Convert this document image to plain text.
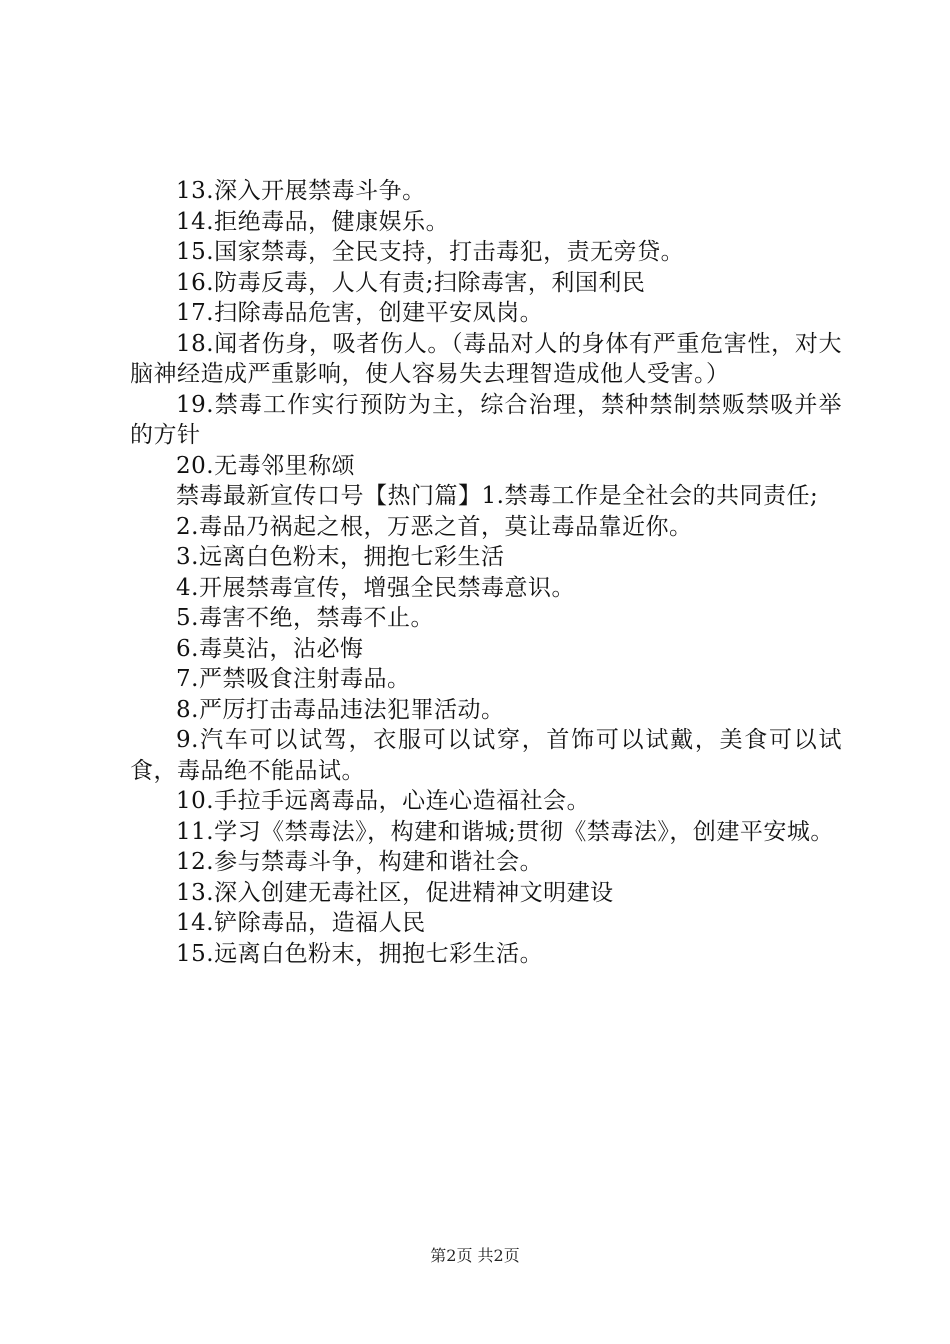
13.深入开展禁毒斗争。

14.拒绝毒品，健康娱乐。

15.国家禁毒，全民支持，打击毒犯，责无旁贷。

16.防毒反毒，人人有责;扫除毒害，利国利民

17.扫除毒品危害，创建平安凤岗。

18.闻者伤身，吸者伤人。（毒品对人的身体有严重危害性，对大脑神经造成严重影响，使人容易失去理智造成他人受害。）

19.禁毒工作实行预防为主，综合治理，禁种禁制禁贩禁吸并举的方针

20.无毒邻里称颂

禁毒最新宣传口号【热门篇】1.禁毒工作是全社会的共同责任;

2.毒品乃祸起之根，万恶之首，莫让毒品靠近你。

3.远离白色粉末，拥抱七彩生活

4.开展禁毒宣传，增强全民禁毒意识。

5.毒害不绝，禁毒不止。

6.毒莫沾，沾必悔

7.严禁吸食注射毒品。

8.严厉打击毒品违法犯罪活动。

9.汽车可以试驾，衣服可以试穿，首饰可以试戴，美食可以试食，毒品绝不能品试。

10.手拉手远离毒品，心连心造福社会。

11.学习《禁毒法》，构建和谐城;贯彻《禁毒法》，创建平安城。

12.参与禁毒斗争，构建和谐社会。

13.深入创建无毒社区，促进精神文明建设

14.铲除毒品，造福人民

15.远离白色粉末，拥抱七彩生活。

第2页 共2页
